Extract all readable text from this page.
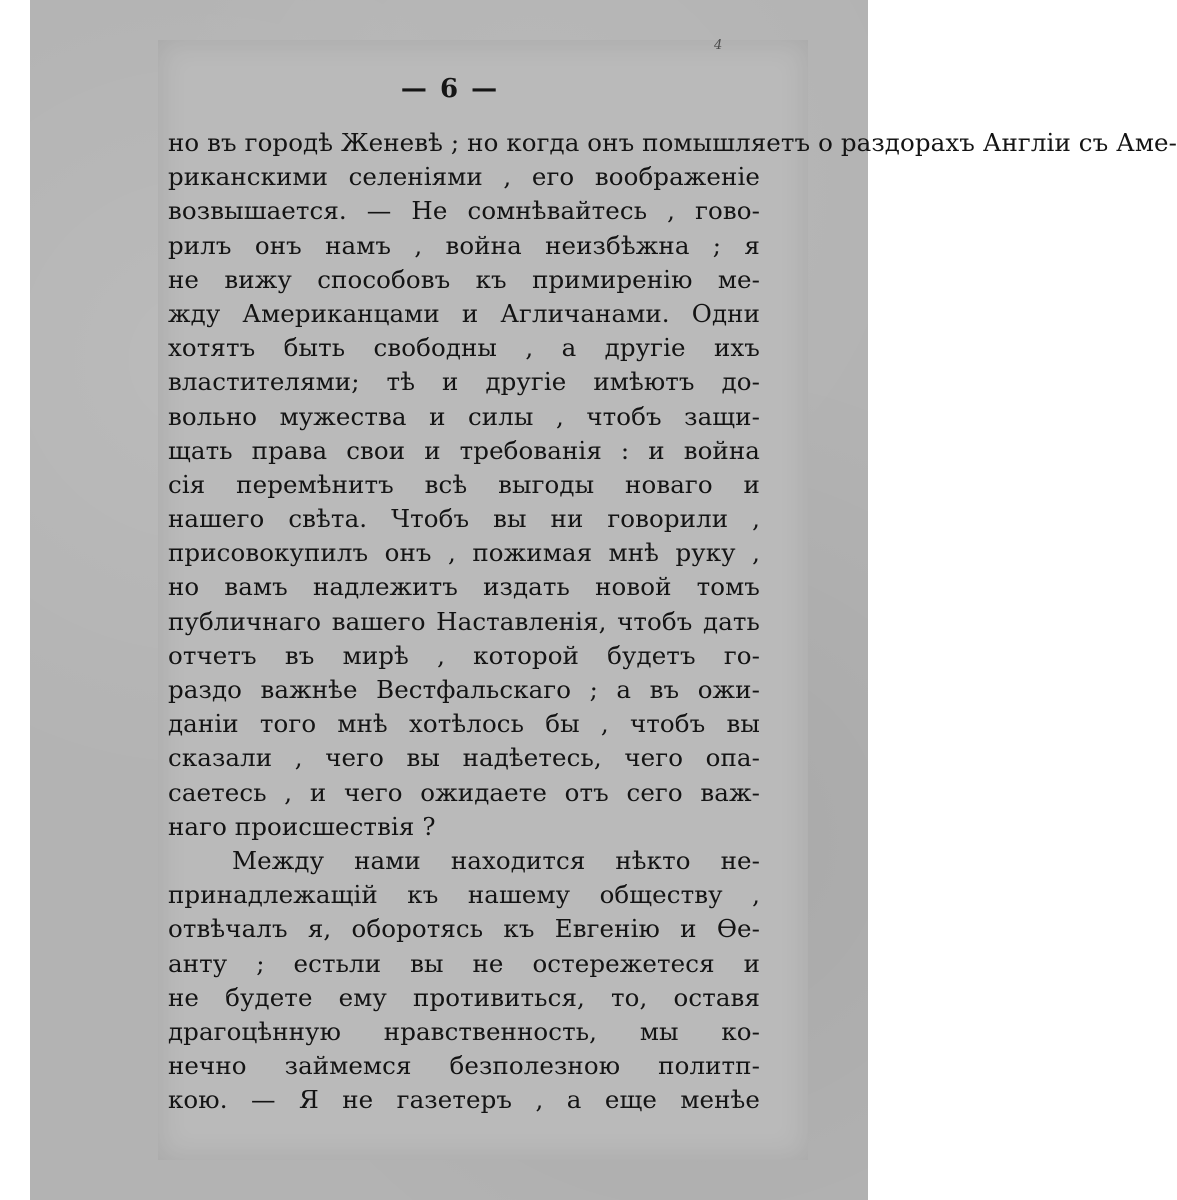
4
— 6 —
но въ городѣ Женевѣ ; но когда онъ помышляетъ о раздорахъ Англіи съ Аме-
риканскими селеніями , его воображеніе
возвышается. — Не сомнѣвайтесь , гово-
рилъ онъ намъ , война неизбѣжна ; я
не вижу способовъ къ примиренію ме-
жду Американцами и Агличанами. Одни
хотятъ быть свободны , а другіе ихъ
властителями; тѣ и другіе имѣютъ до-
вольно мужества и силы , чтобъ защи-
щать права свои и требованія : и война
сія перемѣнитъ всѣ выгоды новаго и
нашего свѣта. Чтобъ вы ни говорили ,
присовокупилъ онъ , пожимая мнѣ руку ,
но вамъ надлежитъ издать новой томъ
публичнаго вашего Наставленія, чтобъ дать
отчетъ въ мирѣ , которой будетъ го-
раздо важнѣе Вестфальскаго ; а въ ожи-
даніи того мнѣ хотѣлось бы , чтобъ вы
сказали , чего вы надѣетесь, чего опа-
саетесь , и чего ожидаете отъ сего важ-
наго происшествія ?
Между нами находится нѣкто не-
принадлежащій къ нашему обществу ,
отвѣчалъ я, оборотясь къ Евгенію и Ѳе-
анту ; естьли вы не остережетеся и
не будете ему противиться, то, оставя
драгоцѣнную нравственность, мы ко-
нечно займемся безполезною политп-
кою. — Я не газетеръ , а еще менѣе
